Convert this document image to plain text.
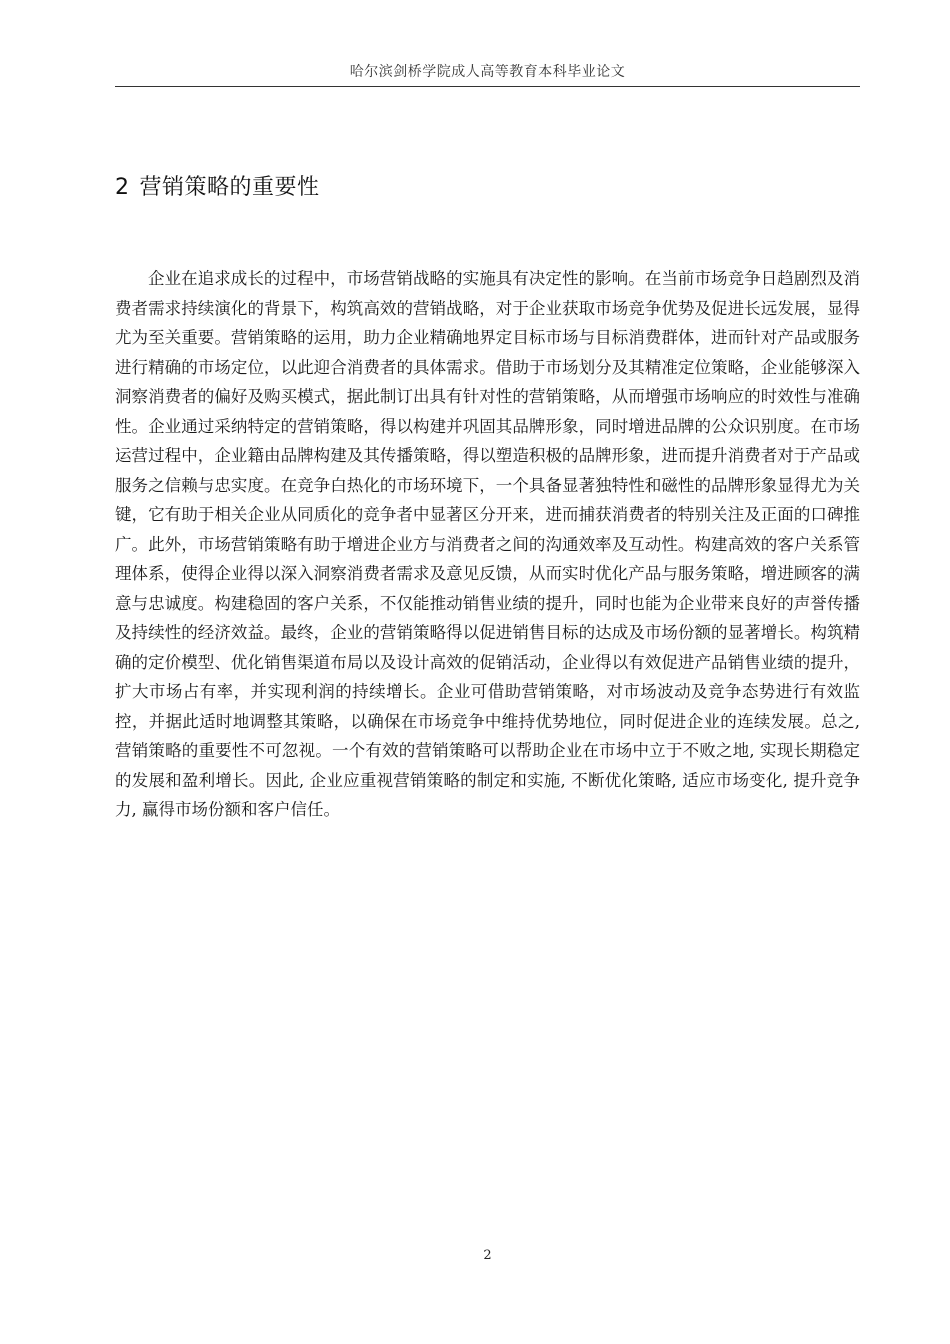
哈尔滨剑桥学院成人高等教育本科毕业论文
2 营销策略的重要性

企业在追求成长的过程中，市场营销战略的实施具有决定性的影响。在当前市场竞争日趋剧烈及消费者需求持续演化的背景下，构筑高效的营销战略，对于企业获取市场竞争优势及促进长远发展，显得尤为至关重要。营销策略的运用，助力企业精确地界定目标市场与目标消费群体，进而针对产品或服务进行精确的市场定位，以此迎合消费者的具体需求。借助于市场划分及其精准定位策略，企业能够深入洞察消费者的偏好及购买模式，据此制订出具有针对性的营销策略，从而增强市场响应的时效性与准确性。企业通过采纳特定的营销策略，得以构建并巩固其品牌形象，同时增进品牌的公众识别度。在市场运营过程中，企业籍由品牌构建及其传播策略，得以塑造积极的品牌形象，进而提升消费者对于产品或服务之信赖与忠实度。在竞争白热化的市场环境下，一个具备显著独特性和磁性的品牌形象显得尤为关键，它有助于相关企业从同质化的竞争者中显著区分开来，进而捕获消费者的特别关注及正面的口碑推广。此外，市场营销策略有助于增进企业方与消费者之间的沟通效率及互动性。构建高效的客户关系管理体系，使得企业得以深入洞察消费者需求及意见反馈，从而实时优化产品与服务策略，增进顾客的满意与忠诚度。构建稳固的客户关系，不仅能推动销售业绩的提升，同时也能为企业带来良好的声誉传播及持续性的经济效益。最终，企业的营销策略得以促进销售目标的达成及市场份额的显著增长。构筑精确的定价模型、优化销售渠道布局以及设计高效的促销活动，企业得以有效促进产品销售业绩的提升，扩大市场占有率，并实现利润的持续增长。企业可借助营销策略，对市场波动及竞争态势进行有效监控，并据此适时地调整其策略，以确保在市场竞争中维持优势地位，同时促进企业的连续发展。总之, 营销策略的重要性不可忽视。一个有效的营销策略可以帮助企业在市场中立于不败之地, 实现长期稳定的发展和盈利增长。因此, 企业应重视营销策略的制定和实施, 不断优化策略, 适应市场变化, 提升竞争力, 赢得市场份额和客户信任。

2
